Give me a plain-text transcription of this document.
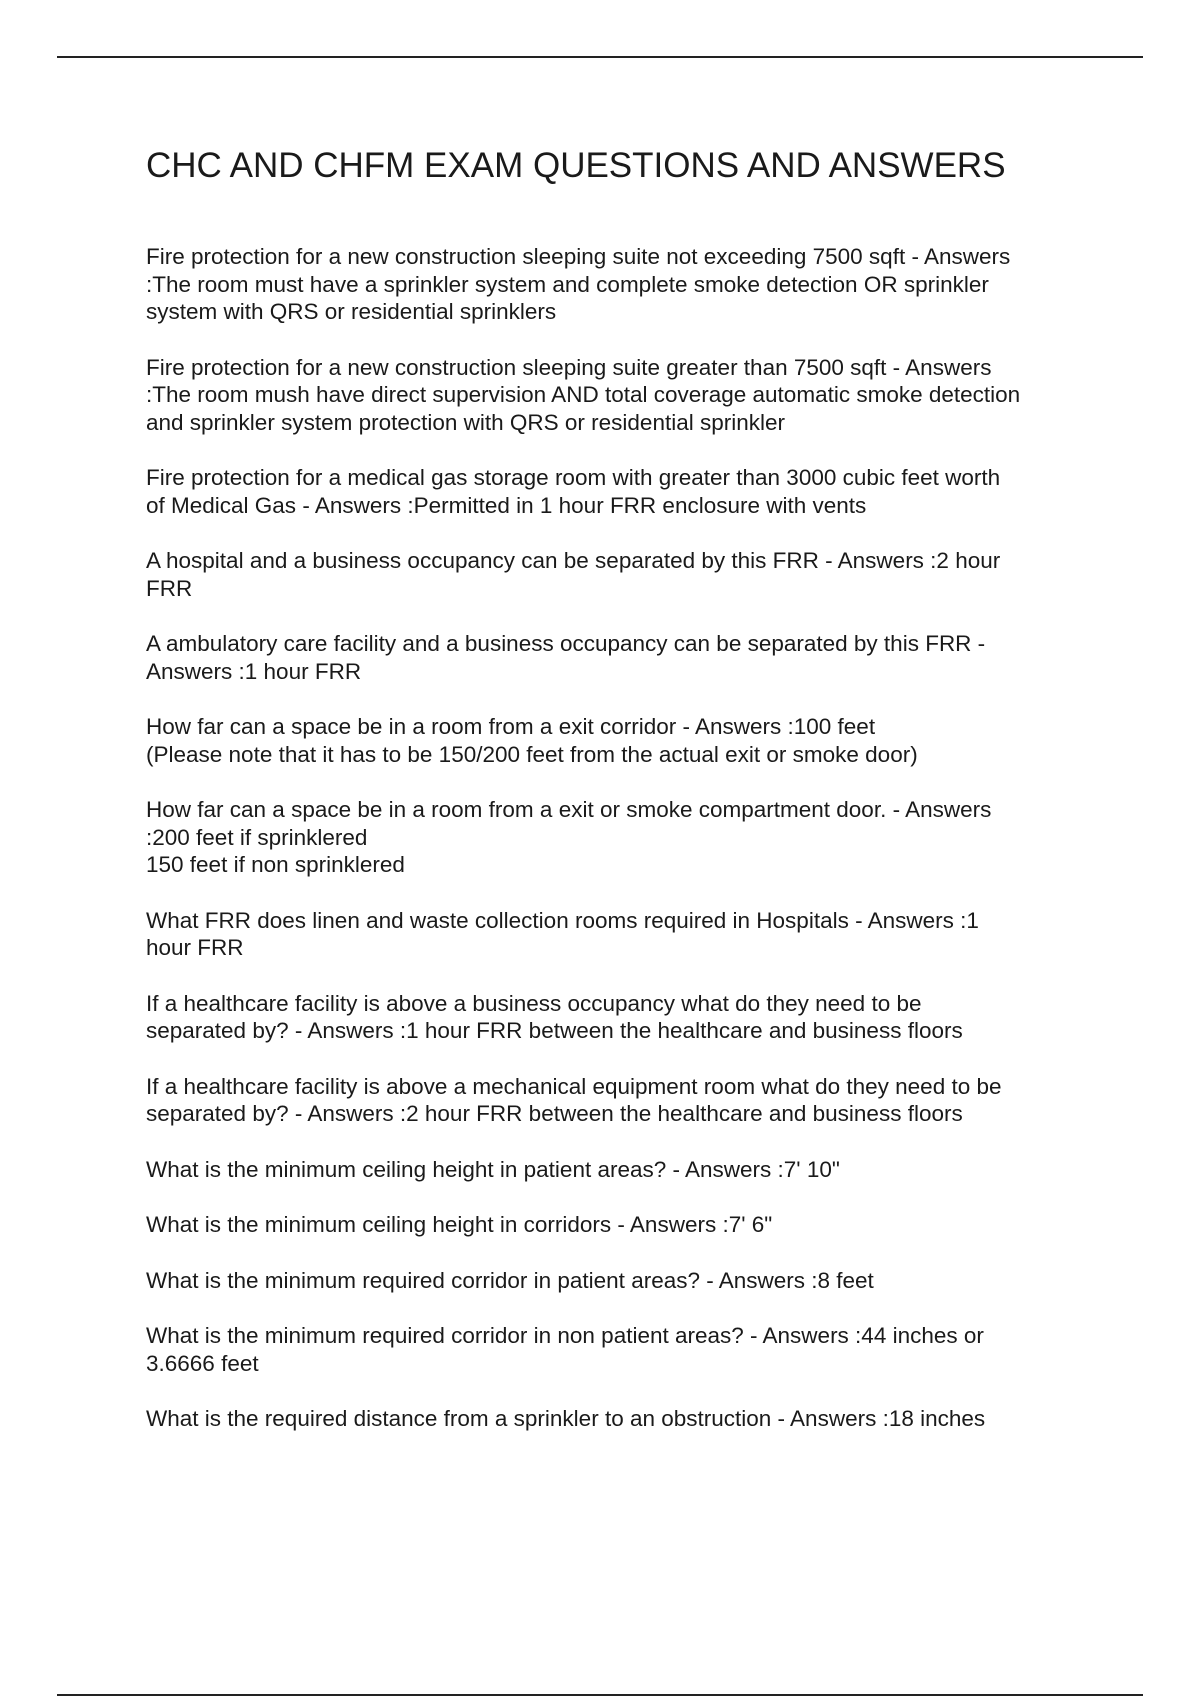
CHC AND CHFM EXAM QUESTIONS AND ANSWERS
Fire protection for a new construction sleeping suite not exceeding 7500 sqft - Answers
:The room must have a sprinkler system and complete smoke detection OR sprinkler
system with QRS or residential sprinklers
Fire protection for a new construction sleeping suite greater than 7500 sqft - Answers
:The room mush have direct supervision AND total coverage automatic smoke detection
and sprinkler system protection with QRS or residential sprinkler
Fire protection for a medical gas storage room with greater than 3000 cubic feet worth
of Medical Gas - Answers :Permitted in 1 hour FRR enclosure with vents
A hospital and a business occupancy can be separated by this FRR - Answers :2 hour
FRR
A ambulatory care facility and a business occupancy can be separated by this FRR -
Answers :1 hour FRR
How far can a space be in a room from a exit corridor - Answers :100 feet
(Please note that it has to be 150/200 feet from the actual exit or smoke door)
How far can a space be in a room from a exit or smoke compartment door. - Answers
:200 feet if sprinklered
150 feet if non sprinklered
What FRR does linen and waste collection rooms required in Hospitals - Answers :1
hour FRR
If a healthcare facility is above a business occupancy what do they need to be
separated by? - Answers :1 hour FRR between the healthcare and business floors
If a healthcare facility is above a mechanical equipment room what do they need to be
separated by? - Answers :2 hour FRR between the healthcare and business floors
What is the minimum ceiling height in patient areas? - Answers :7' 10"
What is the minimum ceiling height in corridors - Answers :7' 6"
What is the minimum required corridor in patient areas? - Answers :8 feet
What is the minimum required corridor in non patient areas? - Answers :44 inches or
3.6666 feet
What is the required distance from a sprinkler to an obstruction - Answers :18 inches
